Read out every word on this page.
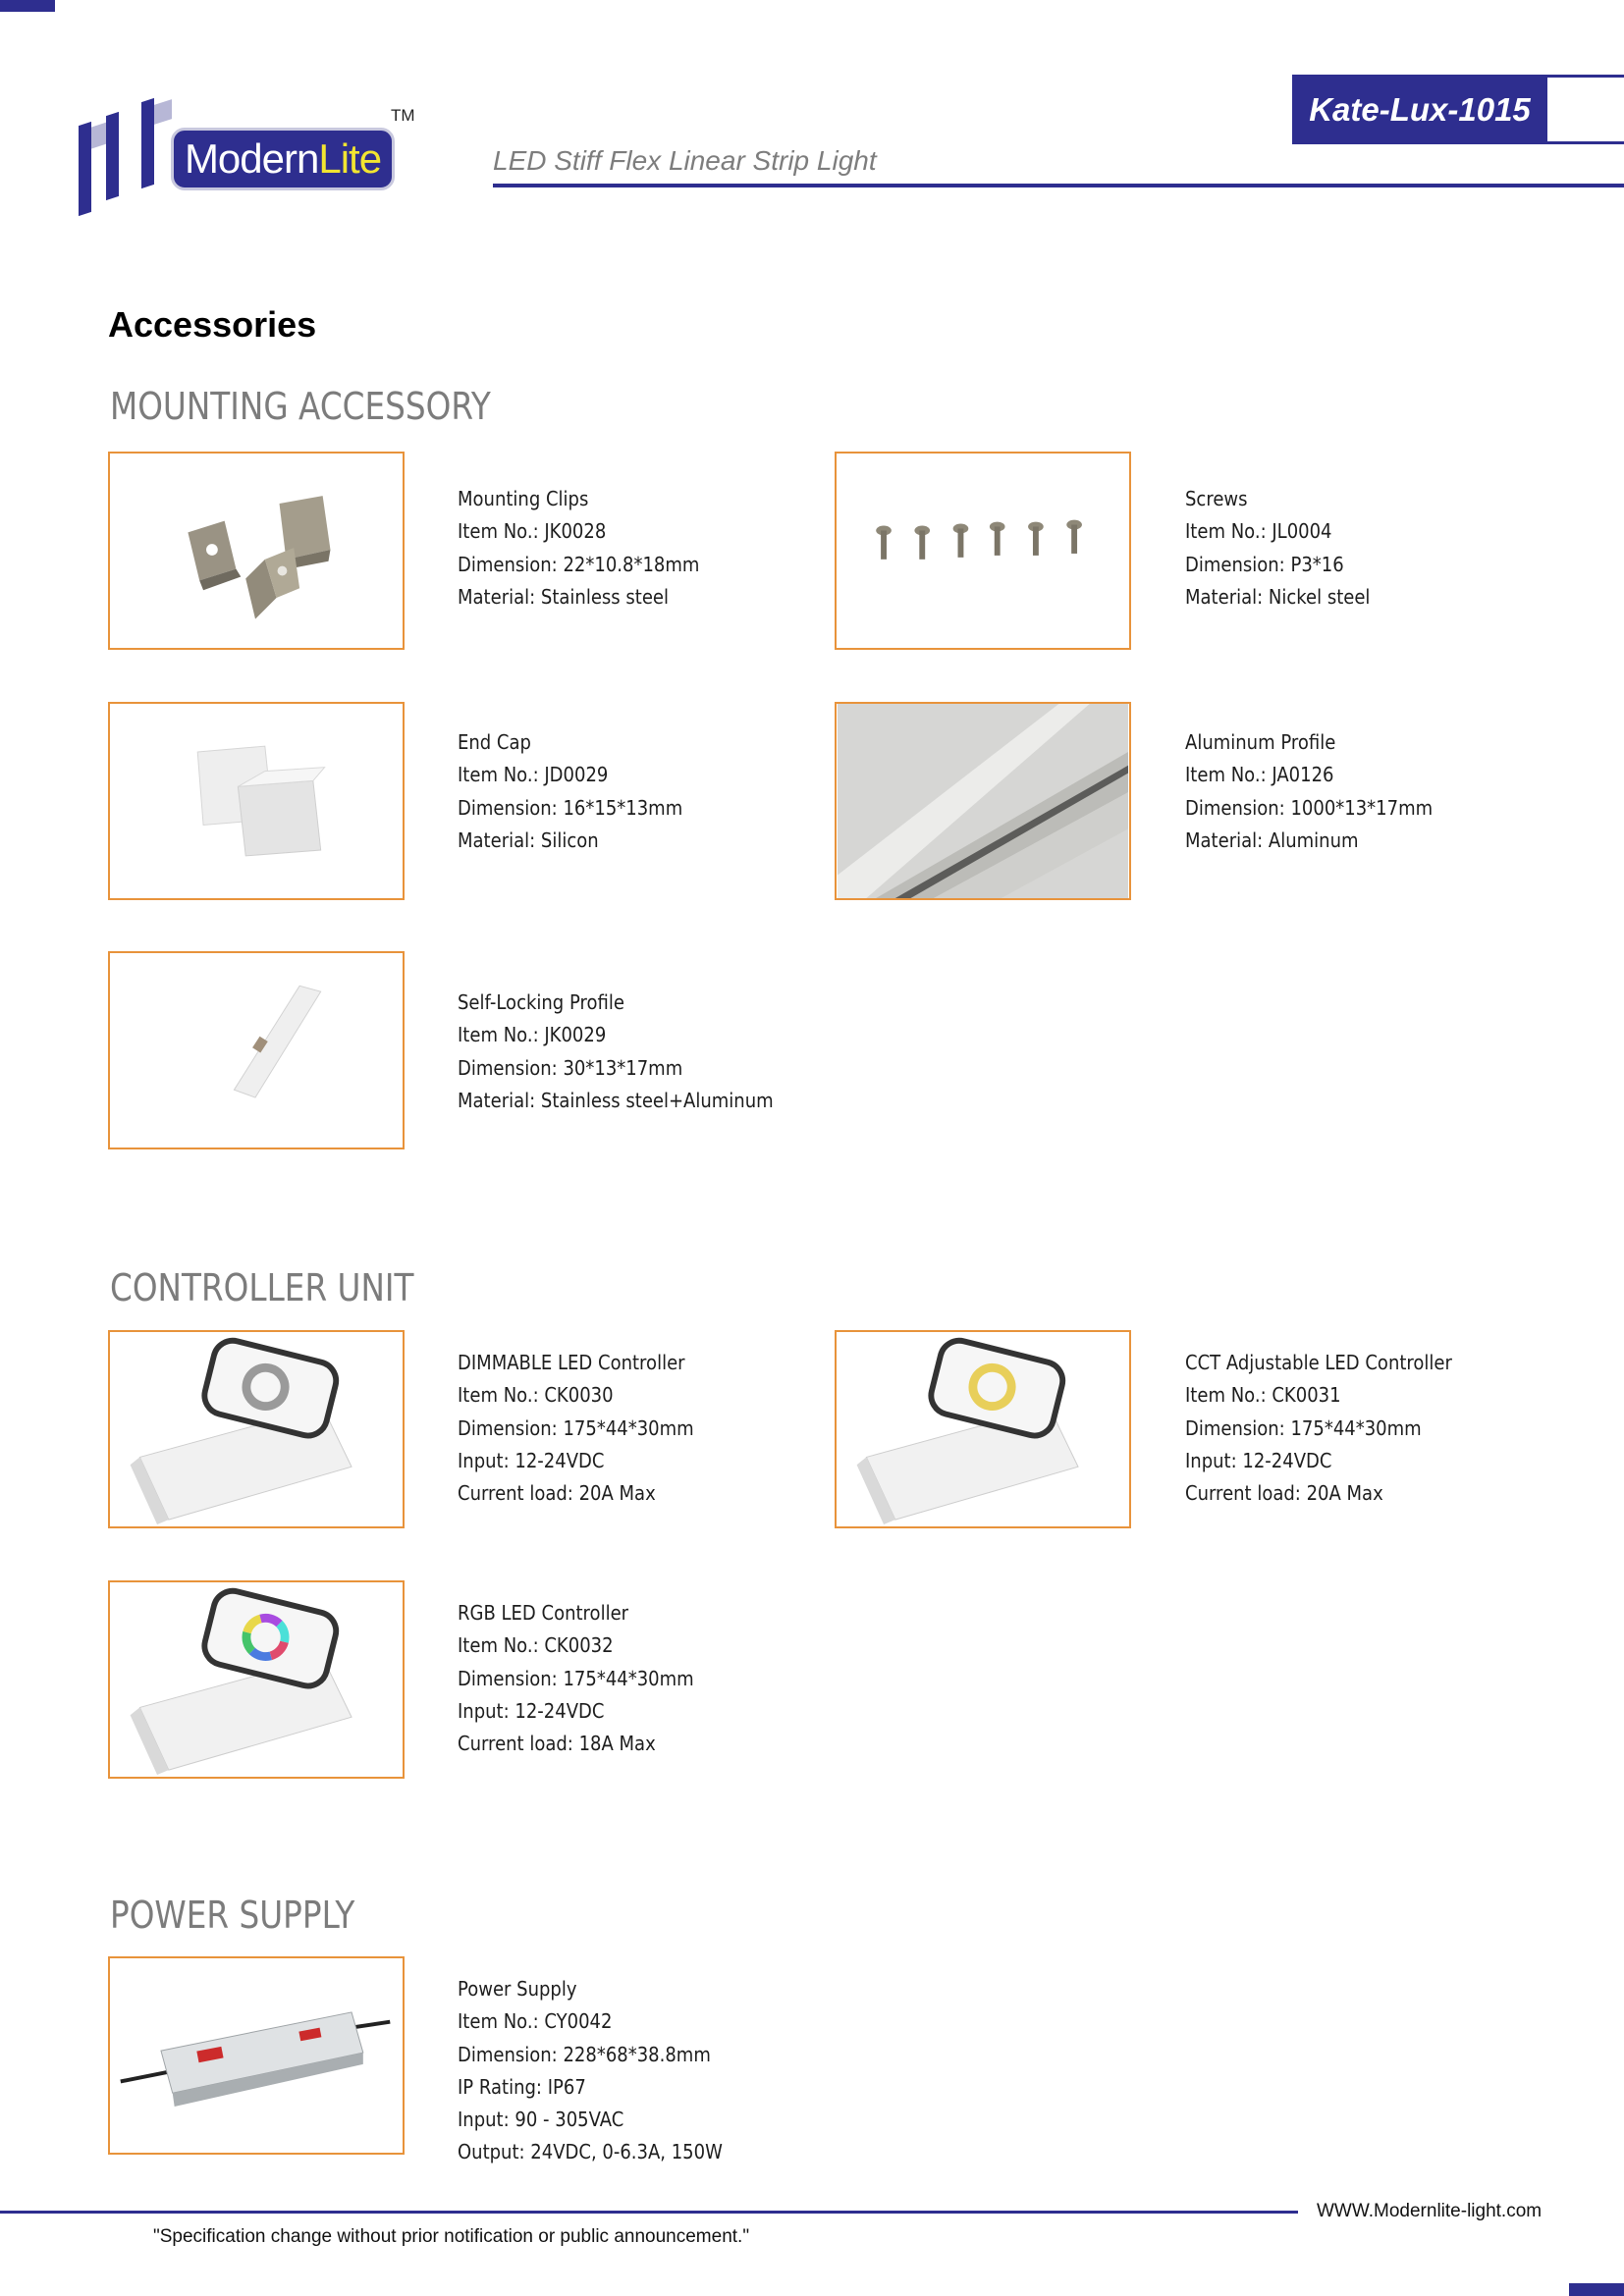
Modern Lite
TM
LED Stiff Flex Linear Strip Light
Kate-Lux-1015
Accessories
MOUNTING ACCESSORY
Mounting Clips
Item No.: JK0028
Dimension: 22*10.8*18mm
Material: Stainless steel
Screws
Item No.: JL0004
Dimension: P3*16
Material: Nickel steel
End Cap
Item No.: JD0029
Dimension: 16*15*13mm
Material: Silicon
Aluminum Profile
Item No.: JA0126
Dimension: 1000*13*17mm
Material: Aluminum
Self-Locking Profile
Item No.: JK0029
Dimension: 30*13*17mm
Material: Stainless steel+Aluminum
CONTROLLER UNIT
DIMMABLE LED Controller
Item No.: CK0030
Dimension: 175*44*30mm
Input: 12-24VDC
Current load: 20A Max
CCT Adjustable LED Controller
Item No.: CK0031
Dimension: 175*44*30mm
Input: 12-24VDC
Current load: 20A Max
RGB LED Controller
Item No.: CK0032
Dimension: 175*44*30mm
Input: 12-24VDC
Current load: 18A Max
POWER SUPPLY
Power Supply
Item No.: CY0042
Dimension: 228*68*38.8mm
IP Rating: IP67
Input: 90 - 305VAC
Output: 24VDC, 0-6.3A, 150W
WWW.Modernlite-light.com
"Specification change without prior notification or public announcement."
